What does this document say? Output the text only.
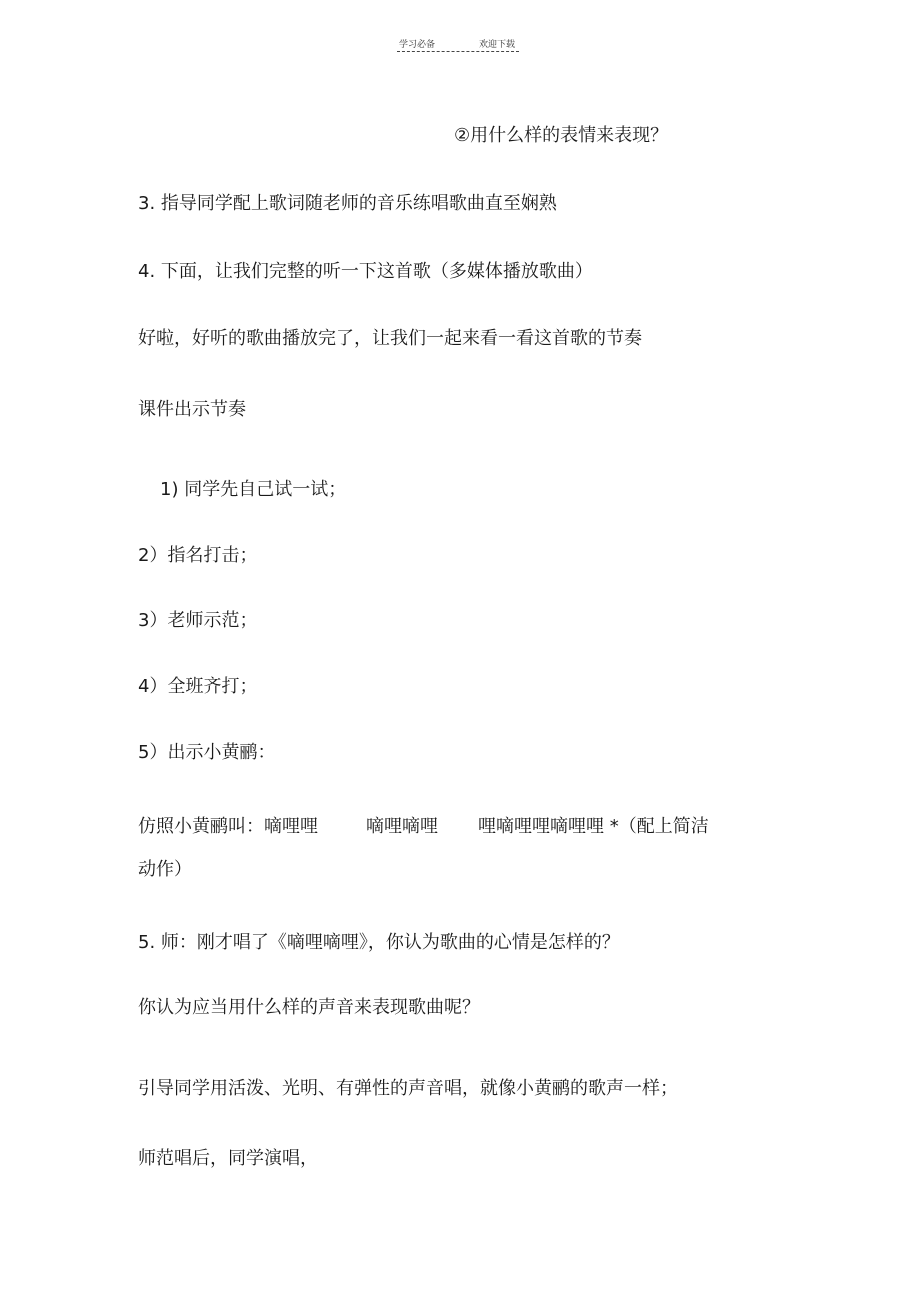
学习必备	欢迎下载
②用什么样的表情来表现？
3. 指导同学配上歌词随老师的音乐练唱歌曲直至娴熟
4. 下面，让我们完整的听一下这首歌（多媒体播放歌曲）
好啦，好听的歌曲播放完了，让我们一起来看一看这首歌的节奏
课件出示节奏
1) 同学先自己试一试；
2）指名打击；
3）老师示范；
4）全班齐打；
5）出示小黄鹂：
仿照小黄鹂叫：嘀哩哩	嘀哩嘀哩 哩嘀哩哩嘀哩哩 *（配上简洁
动作）
5. 师：刚才唱了《嘀哩嘀哩》，你认为歌曲的心情是怎样的？
你认为应当用什么样的声音来表现歌曲呢？
引导同学用活泼、光明、有弹性的声音唱，就像小黄鹂的歌声一样；
师范唱后，同学演唱，
